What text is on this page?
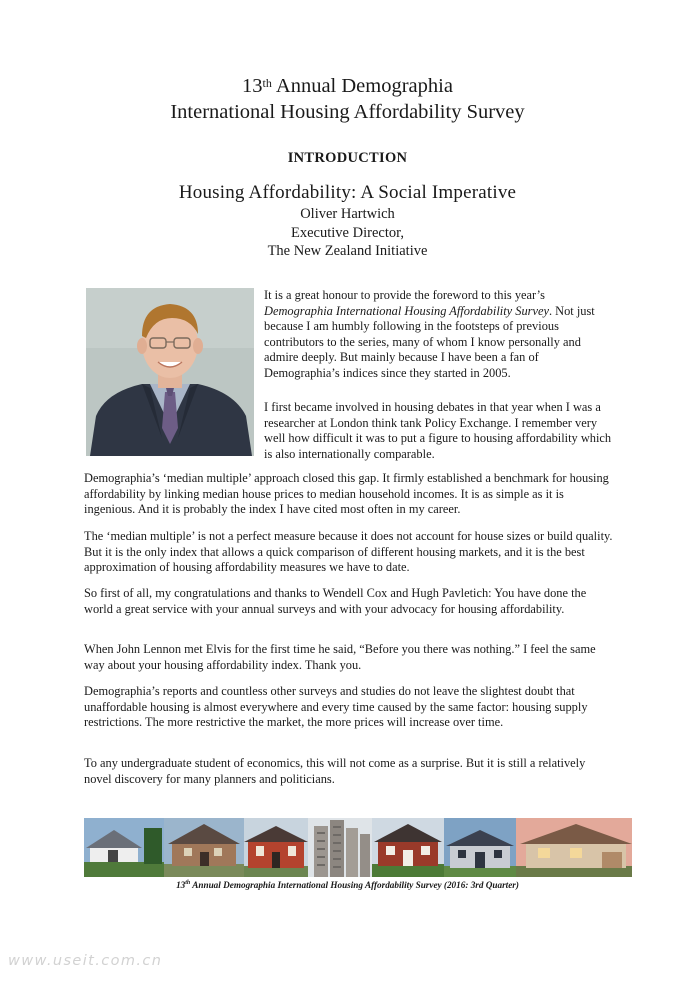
13th Annual Demographia
International Housing Affordability Survey
INTRODUCTION
Housing Affordability: A Social Imperative
Oliver Hartwich
Executive Director,
The New Zealand Initiative
It is a great honour to provide the foreword to this year’s Demographia International Housing Affordability Survey. Not just because I am humbly following in the footsteps of previous contributors to the series, many of whom I know personally and admire deeply. But mainly because I have been a fan of Demographia’s indices since they started in 2005.
I first became involved in housing debates in that year when I was a researcher at London think tank Policy Exchange. I remember very well how difficult it was to put a figure to housing affordability which is also internationally comparable.
Demographia’s ‘median multiple’ approach closed this gap. It firmly established a benchmark for housing affordability by linking median house prices to median household incomes. It is as simple as it is ingenious. And it is probably the index I have cited most often in my career.
The ‘median multiple’ is not a perfect measure because it does not account for house sizes or build quality. But it is the only index that allows a quick comparison of different housing markets, and it is the best approximation of housing affordability measures we have to date.
So first of all, my congratulations and thanks to Wendell Cox and Hugh Pavletich: You have done the world a great service with your annual surveys and with your advocacy for housing affordability.
When John Lennon met Elvis for the first time he said, “Before you there was nothing.” I feel the same way about your housing affordability index. Thank you.
Demographia’s reports and countless other surveys and studies do not leave the slightest doubt that unaffordable housing is almost everywhere and every time caused by the same factor: housing supply restrictions. The more restrictive the market, the more prices will increase over time.
To any undergraduate student of economics, this will not come as a surprise. But it is still a relatively novel discovery for many planners and politicians.
13th Annual Demographia International Housing Affordability Survey (2016: 3rd Quarter)
www.useit.com.cn
